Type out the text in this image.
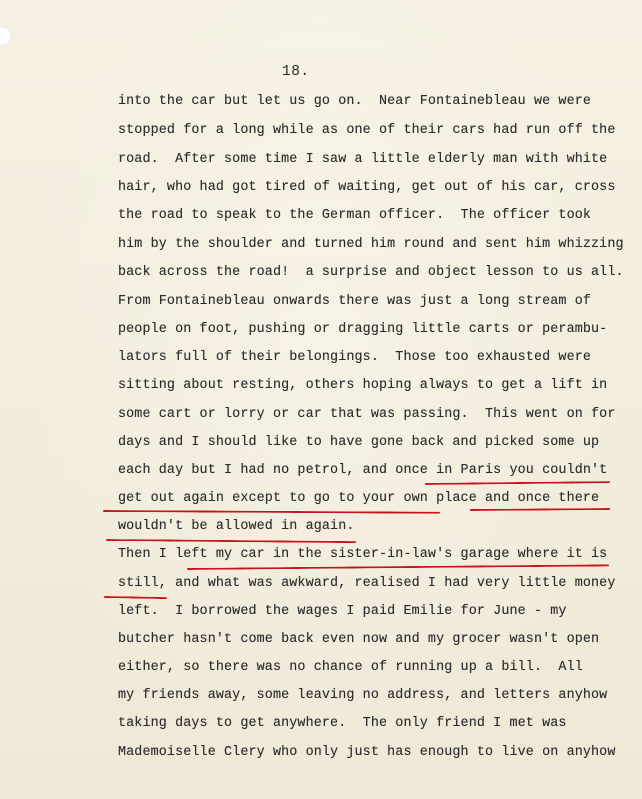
18.

into the car but let us go on.  Near Fontainebleau we were

stopped for a long while as one of their cars had run off the

road.  After some time I saw a little elderly man with white

hair, who had got tired of waiting, get out of his car, cross

the road to speak to the German officer.  The officer took

him by the shoulder and turned him round and sent him whizzing

back across the road!  a surprise and object lesson to us all.

From Fontainebleau onwards there was just a long stream of

people on foot, pushing or dragging little carts or perambu-

lators full of their belongings.  Those too exhausted were

sitting about resting, others hoping always to get a lift in

some cart or lorry or car that was passing.  This went on for

days and I should like to have gone back and picked some up

each day but I had no petrol, and once in Paris you couldn't

get out again except to go to your own place and once there

wouldn't be allowed in again.

Then I left my car in the sister-in-law's garage where it is

still, and what was awkward, realised I had very little money

left.  I borrowed the wages I paid Emilie for June - my

butcher hasn't come back even now and my grocer wasn't open

either, so there was no chance of running up a bill.  All

my friends away, some leaving no address, and letters anyhow

taking days to get anywhere.  The only friend I met was

Mademoiselle Clery who only just has enough to live on anyhow
